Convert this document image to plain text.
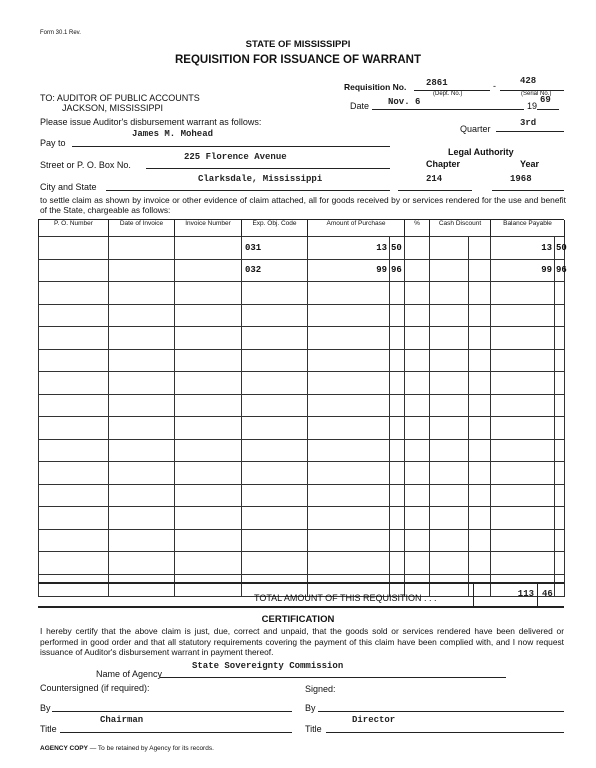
Form 30.1 Rev.
STATE OF MISSISSIPPI
REQUISITION FOR ISSUANCE OF WARRANT
TO: AUDITOR OF PUBLIC ACCOUNTS
JACKSON, MISSISSIPPI
Requisition No. 2861
(Dept. No.)
-	428
(Serial No.)
Date Nov. 6	19
69
Please issue Auditor's disbursement warrant as follows:
Quarter
3rd
Pay to
James M. Mohead
Legal Authority
Chapter	Year
Street or P. O. Box No.
225 Florence Avenue
City and State
Clarksdale, Mississippi	214	1968
to settle claim as shown by invoice or other evidence of claim attached, all for goods received by or services rendered for the use and benefit of the State, chargeable as follows:
P. O. Number	Date of Invoice	Invoice Number	Exp. Obj. Code	Amount of Purchase		%	Cash Discount		Balance Payable	
			031	13	50				13	50
			032	99	96				99	96

TOTAL AMOUNT OF THIS REQUISITION . . .	113 46
CERTIFICATION
I hereby certify that the above claim is just, due, correct and unpaid, that the goods sold or services rendered have been delivered or performed in good order and that all statutory requirements covering the payment of this claim have been complied with, and I now request issuance of Auditor's disbursement warrant in payment thereof.
Name of Agency
State Sovereignty Commission
Countersigned (if required):	Signed:
By	By
Title
Chairman
Title
Director
AGENCY COPY — To be retained by Agency for its records.
